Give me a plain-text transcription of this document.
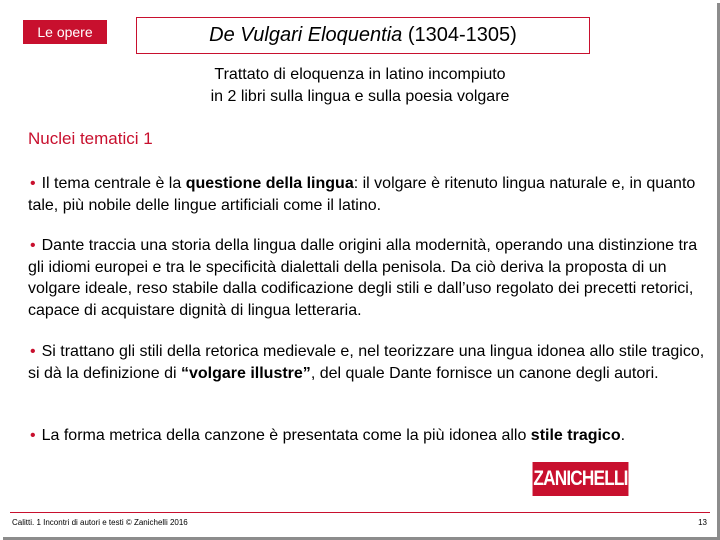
Le opere	De Vulgari Eloquentia (1304-1305)
Trattato di eloquenza in latino incompiuto
in 2 libri sulla lingua e sulla poesia volgare
Nuclei tematici 1
• Il tema centrale è la questione della lingua: il volgare è ritenuto lingua naturale e, in quanto tale, più nobile delle lingue artificiali come il latino.
• Dante traccia una storia della lingua dalle origini alla modernità, operando una distinzione tra gli idiomi europei e tra le specificità dialettali della penisola. Da ciò deriva la proposta di un volgare ideale, reso stabile dalla codificazione degli stili e dall’uso regolato dei precetti retorici, capace di acquistare dignità di lingua letteraria.
• Si trattano gli stili della retorica medievale e, nel teorizzare una lingua idonea allo stile tragico, si dà la definizione di “volgare illustre”, del quale Dante fornisce un canone degli autori.
• La forma metrica della canzone è presentata come la più idonea allo stile tragico.
ZANICHELLI
Calitti. 1 Incontri di autori e testi © Zanichelli 2016	13
